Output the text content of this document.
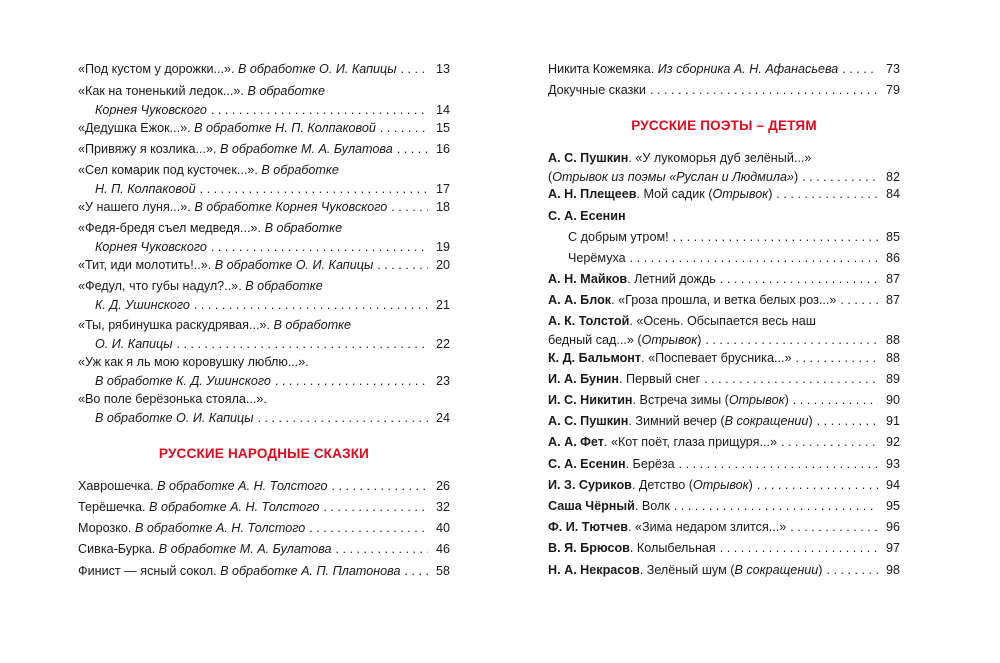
«Под кустом у дорожки...». В обработке О. И. Капицы . . .	13
«Как на тоненький ледок...». В обработке
Корнея Чуковского . . .	14
«Дедушка Ежок...». В обработке Н. П. Колпаковой . . .	15
«Привяжу я козлика...». В обработке М. А. Булатова . . .	16
«Сел комарик под кусточек...». В обработке
Н. П. Колпаковой . . .	17
«У нашего луня...». В обработке Корнея Чуковского . . .	18
«Федя-бредя съел медведя...». В обработке
Корнея Чуковского . . .	19
«Тит, иди молотить!..». В обработке О. И. Капицы . . .	20
«Федул, что губы надул?..». В обработке
К. Д. Ушинского . . .	21
«Ты, рябинушка раскудрявая...». В обработке
О. И. Капицы . . .	22
«Уж как я ль мою коровушку люблю...».
В обработке К. Д. Ушинского . . .	23
«Во поле берёзонька стояла...».
В обработке О. И. Капицы . . .	24
РУССКИЕ НАРОДНЫЕ СКАЗКИ
Хаврошечка. В обработке А. Н. Толстого . . .	26
Терёшечка. В обработке А. Н. Толстого . . .	32
Морозко. В обработке А. Н. Толстого . . .	40
Сивка-Бурка. В обработке М. А. Булатова . . .	46
Финист — ясный сокол. В обработке А. П. Платонова . . .	58
Никита Кожемяка. Из сборника А. Н. Афанасьева . . .	73
Докучные сказки . . .	79
РУССКИЕ ПОЭТЫ – ДЕТЯМ
А. С. Пушкин. «У лукоморья дуб зелёный...»
(Отрывок из поэмы «Руслан и Людмила») . . .	82
А. Н. Плещеев. Мой садик (Отрывок) . . .	84
С. А. Есенин
С добрым утром! . . .	85
Черёмуха . . .	86
А. Н. Майков. Летний дождь . . .	87
А. А. Блок. «Гроза прошла, и ветка белых роз...» . . .	87
А. К. Толстой. «Осень. Обсыпается весь наш
бедный сад...» (Отрывок) . . .	88
К. Д. Бальмонт. «Поспевает брусника...» . . .	88
И. А. Бунин. Первый снег . . .	89
И. С. Никитин. Встреча зимы (Отрывок) . . .	90
А. С. Пушкин. Зимний вечер (В сокращении) . . .	91
А. А. Фет. «Кот поёт, глаза прищуря...» . . .	92
С. А. Есенин. Берёза . . .	93
И. З. Суриков. Детство (Отрывок) . . .	94
Саша Чёрный. Волк . . .	95
Ф. И. Тютчев. «Зима недаром злится...» . . .	96
В. Я. Брюсов. Колыбельная . . .	97
Н. А. Некрасов. Зелёный шум (В сокращении) . . .	98
